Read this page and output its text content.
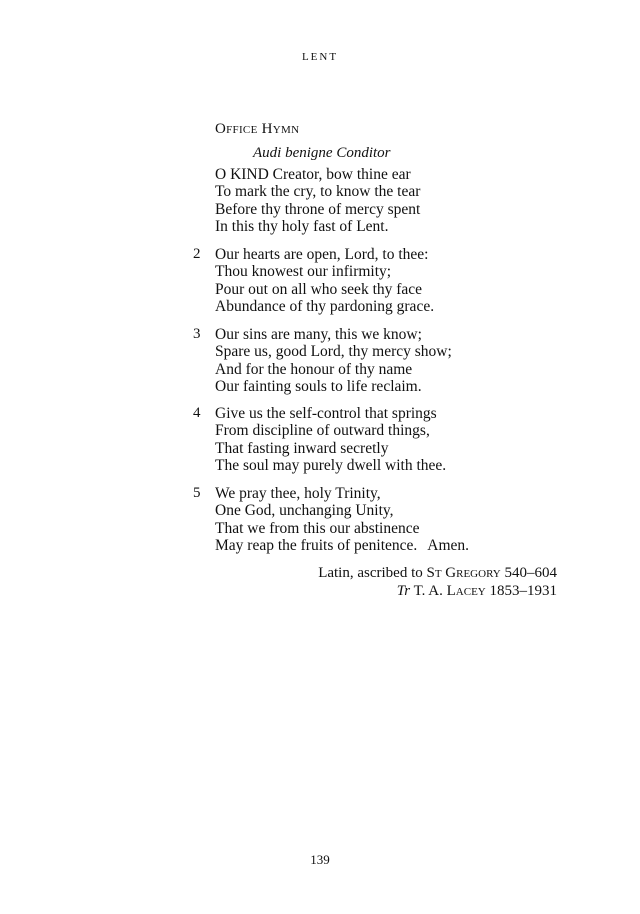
LENT
Office Hymn
Audi benigne Conditor
O KIND Creator, bow thine ear
To mark the cry, to know the tear
Before thy throne of mercy spent
In this thy holy fast of Lent.
2 Our hearts are open, Lord, to thee:
Thou knowest our infirmity;
Pour out on all who seek thy face
Abundance of thy pardoning grace.
3 Our sins are many, this we know;
Spare us, good Lord, thy mercy show;
And for the honour of thy name
Our fainting souls to life reclaim.
4 Give us the self-control that springs
From discipline of outward things,
That fasting inward secretly
The soul may purely dwell with thee.
5 We pray thee, holy Trinity,
One God, unchanging Unity,
That we from this our abstinence
May reap the fruits of penitence. Amen.
Latin, ascribed to St Gregory 540–604
Tr T. A. Lacey 1853–1931
139
